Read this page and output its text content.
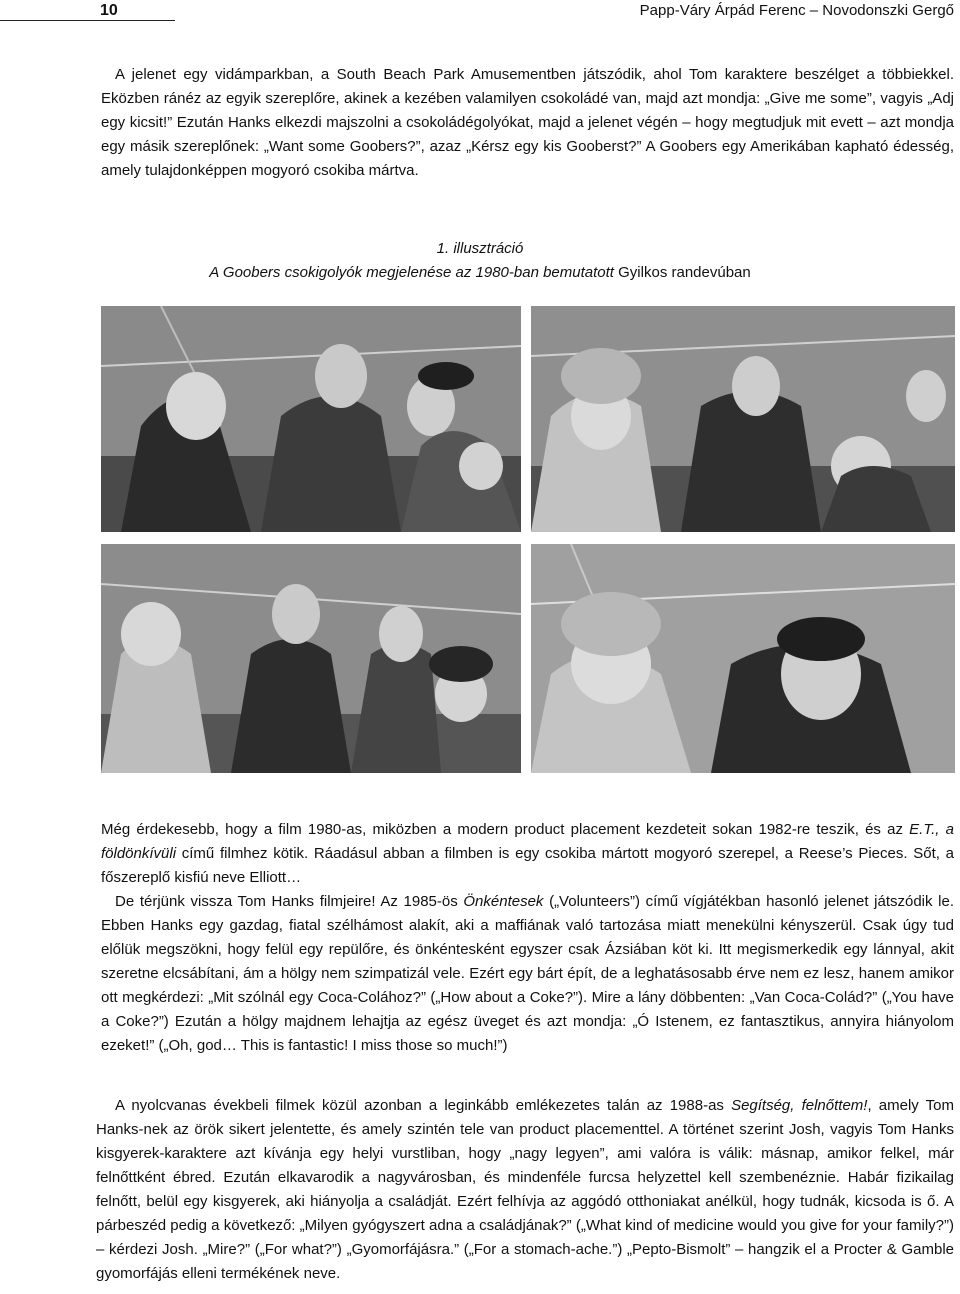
10	Papp-Váry Árpád Ferenc – Novodonszki Gergő

A jelenet egy vidámparkban, a South Beach Park Amusementben játszódik, ahol Tom karaktere beszélget a többiekkel. Eközben ránéz az egyik szereplőre, akinek a kezében valamilyen csokoládé van, majd azt mondja: „Give me some”, vagyis „Adj egy kicsit!” Ezután Hanks elkezdi majszolni a csokoládégolyókat, majd a jelenet végén – hogy megtudjuk mit evett – azt mondja egy másik szereplőnek: „Want some Goobers?”, azaz „Kérsz egy kis Gooberst?” A Goobers egy Amerikában kapható édesség, amely tulajdonképpen mogyoró csokiba mártva.

1. illusztráció
A Goobers csokigolyók megjelenése az 1980-ban bemutatott Gyilkos randevúban

Még érdekesebb, hogy a film 1980-as, miközben a modern product placement kezdeteit sokan 1982-re teszik, és az E.T., a földönkívüli című filmhez kötik. Ráadásul abban a filmben is egy csokiba mártott mogyoró szerepel, a Reese’s Pieces. Sőt, a főszereplő kisfiú neve Elliott…

De térjünk vissza Tom Hanks filmjeire! Az 1985-ös Önkéntesek („Volunteers”) című vígjátékban hasonló jelenet játszódik le. Ebben Hanks egy gazdag, fiatal szélhámost alakít, aki a maffiának való tartozása miatt menekülni kényszerül. Csak úgy tud előlük megszökni, hogy felül egy repülőre, és önkéntesként egyszer csak Ázsiában köt ki. Itt megismerkedik egy lánnyal, akit szeretne elcsábítani, ám a hölgy nem szimpatizál vele. Ezért egy bárt épít, de a leghatásosabb érve nem ez lesz, hanem amikor ott megkérdezi: „Mit szólnál egy Coca-Colához?” („How about a Coke?”). Mire a lány döbbenten: „Van Coca-Colád?” („You have a Coke?”) Ezután a hölgy majdnem lehajtja az egész üveget és azt mondja: „Ó Istenem, ez fantasztikus, annyira hiányolom ezeket!” („Oh, god… This is fantastic! I miss those so much!”)

A nyolcvanas évekbeli filmek közül azonban a leginkább emlékezetes talán az 1988-as Segítség, felnőttem!, amely Tom Hanks-nek az örök sikert jelentette, és amely szintén tele van product placementtel. A történet szerint Josh, vagyis Tom Hanks kisgyerek-karaktere azt kívánja egy helyi vurstliban, hogy „nagy legyen”, ami valóra is válik: másnap, amikor felkel, már felnőttként ébred. Ezután elkavarodik a nagyvárosban, és mindenféle furcsa helyzettel kell szembenéznie. Habár fizikailag felnőtt, belül egy kisgyerek, aki hiányolja a családját. Ezért felhívja az aggódó otthoniakat anélkül, hogy tudnák, kicsoda is ő. A párbeszéd pedig a következő: „Milyen gyógyszert adna a családjának?” („What kind of medicine would you give for your family?”) – kérdezi Josh. „Mire?” („For what?”) „Gyomorfájásra.” („For a stomach-ache.”) „Pepto-Bismolt” – hangzik el a Procter & Gamble gyomorfájás elleni termékének neve.
